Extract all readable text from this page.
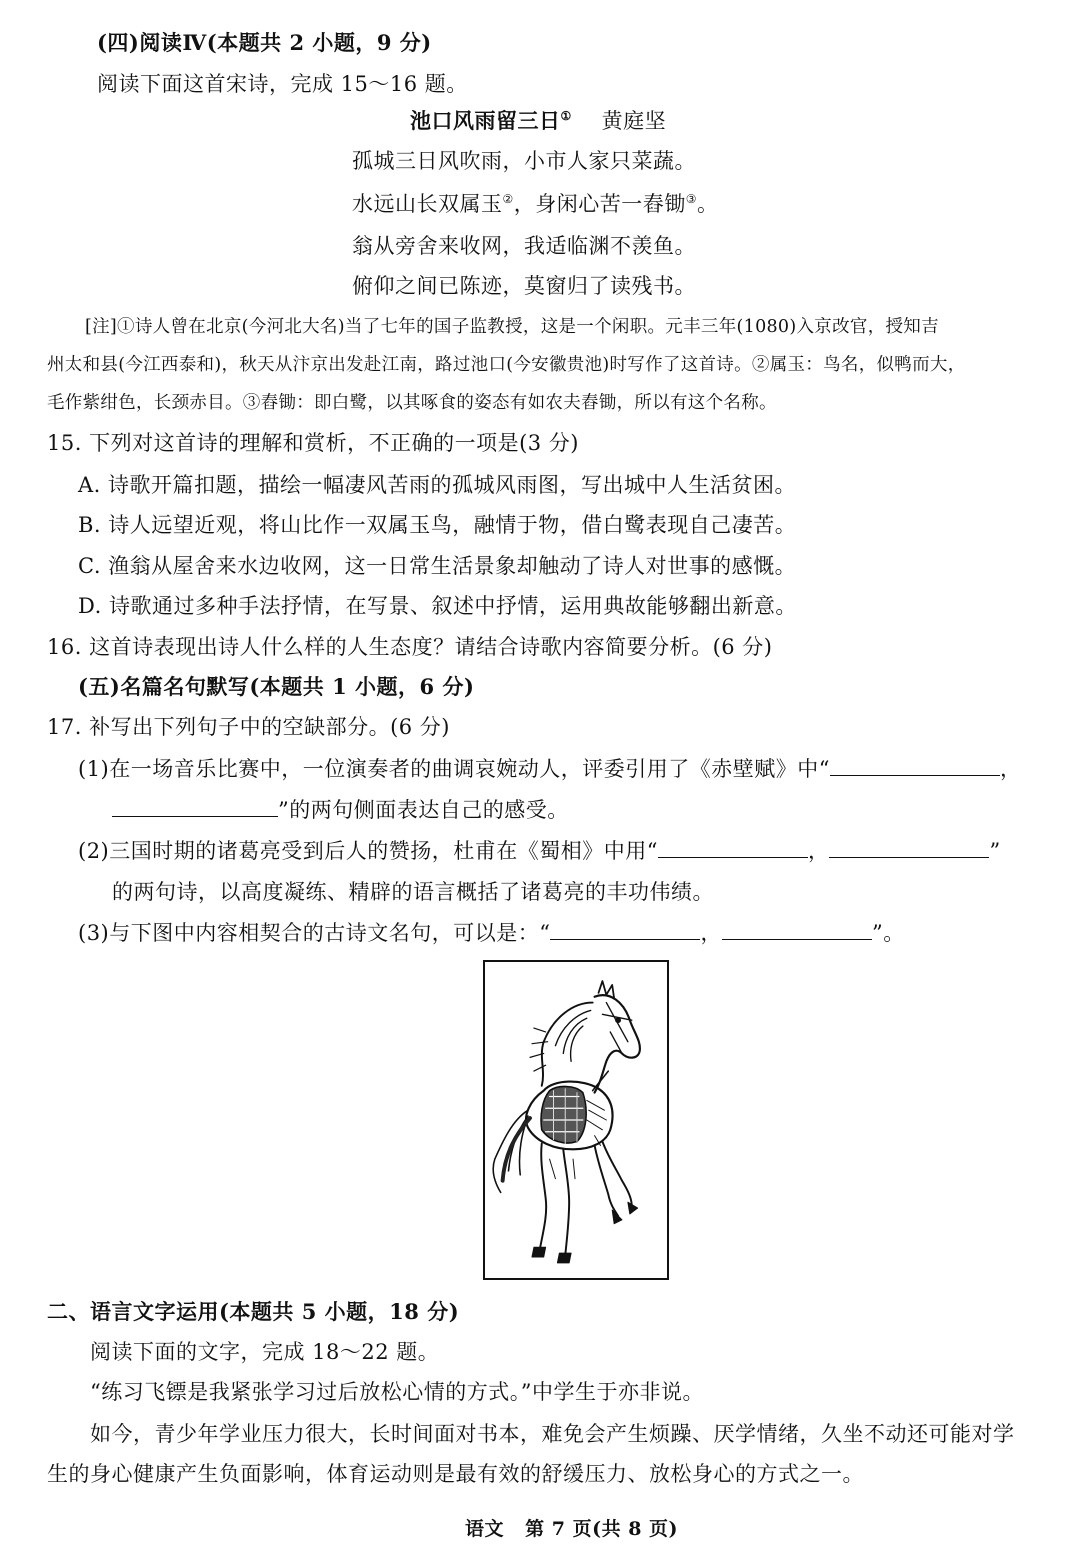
(四)阅读Ⅳ(本题共 2 小题，9 分)
阅读下面这首宋诗，完成 15～16 题。
池口风雨留三日① 黄庭坚
孤城三日风吹雨，小市人家只菜蔬。
水远山长双属玉②，身闲心苦一舂锄③。
翁从旁舍来收网，我适临渊不羡鱼。
俯仰之间已陈迹，莫窗归了读残书。
[注]①诗人曾在北京(今河北大名)当了七年的国子监教授，这是一个闲职。元丰三年(1080)入京改官，授知吉
州太和县(今江西泰和)，秋天从汴京出发赴江南，路过池口(今安徽贵池)时写作了这首诗。②属玉：鸟名，似鸭而大，
毛作紫绀色，长颈赤目。③舂锄：即白鹭，以其啄食的姿态有如农夫舂锄，所以有这个名称。
15. 下列对这首诗的理解和赏析，不正确的一项是(3 分)
A. 诗歌开篇扣题，描绘一幅凄风苦雨的孤城风雨图，写出城中人生活贫困。
B. 诗人远望近观，将山比作一双属玉鸟，融情于物，借白鹭表现自己凄苦。
C. 渔翁从屋舍来水边收网，这一日常生活景象却触动了诗人对世事的感慨。
D. 诗歌通过多种手法抒情，在写景、叙述中抒情，运用典故能够翻出新意。
16. 这首诗表现出诗人什么样的人生态度？请结合诗歌内容简要分析。(6 分)
(五)名篇名句默写(本题共 1 小题，6 分)
17. 补写出下列句子中的空缺部分。(6 分)
(1)在一场音乐比赛中，一位演奏者的曲调哀婉动人，评委引用了《赤壁赋》中“	，
”的两句侧面表达自己的感受。
(2)三国时期的诸葛亮受到后人的赞扬，杜甫在《蜀相》中用“	，	”
的两句诗，以高度凝练、精辟的语言概括了诸葛亮的丰功伟绩。
(3)与下图中内容相契合的古诗文名句，可以是：“	，	”。
二、语言文字运用(本题共 5 小题，18 分)
阅读下面的文字，完成 18～22 题。
“练习飞镖是我紧张学习过后放松心情的方式。”中学生于亦非说。
如今，青少年学业压力很大，长时间面对书本，难免会产生烦躁、厌学情绪，久坐不动还可能对学
生的身心健康产生负面影响，体育运动则是最有效的舒缓压力、放松身心的方式之一。
语文 第 7 页(共 8 页)
